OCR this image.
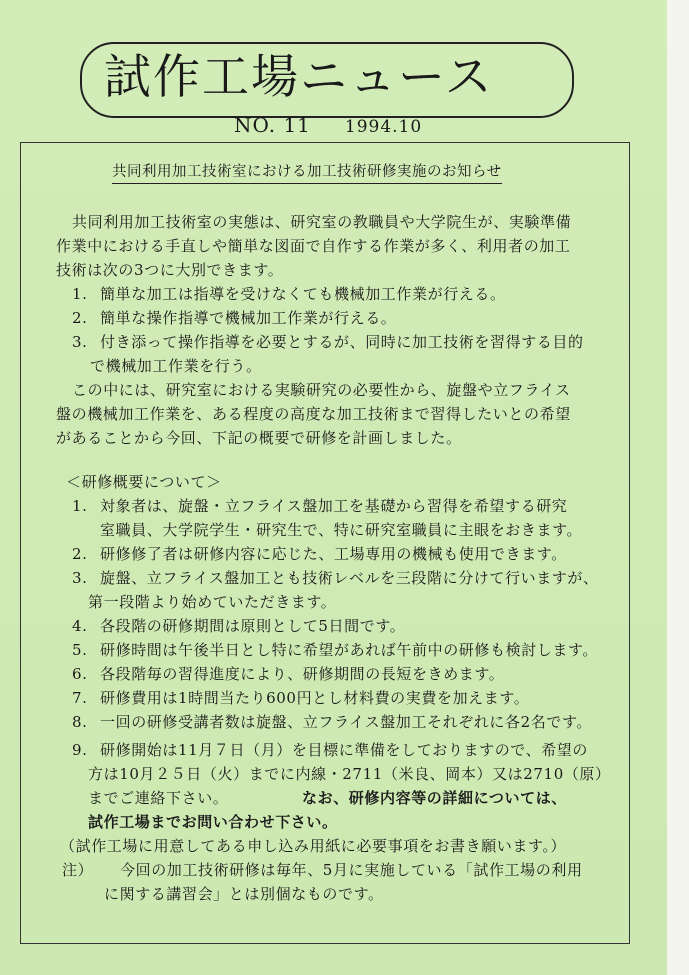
試作工場ニュース
NO. 11 1994.10
共同利用加工技術室における加工技術研修実施のお知らせ
共同利用加工技術室の実態は、研究室の教職員や大学院生が、実験準備
作業中における手直しや簡単な図面で自作する作業が多く、利用者の加工
技術は次の3つに大別できます。
1. 簡単な加工は指導を受けなくても機械加工作業が行える。
2. 簡単な操作指導で機械加工作業が行える。
3. 付き添って操作指導を必要とするが、同時に加工技術を習得する目的
で機械加工作業を行う。
この中には、研究室における実験研究の必要性から、旋盤や立フライス
盤の機械加工作業を、ある程度の高度な加工技術まで習得したいとの希望
があることから今回、下記の概要で研修を計画しました。
＜研修概要について＞
1. 対象者は、旋盤・立フライス盤加工を基礎から習得を希望する研究
室職員、大学院学生・研究生で、特に研究室職員に主眼をおきます。
2. 研修修了者は研修内容に応じた、工場専用の機械も使用できます。
3. 旋盤、立フライス盤加工とも技術レベルを三段階に分けて行いますが、
第一段階より始めていただきます。
4. 各段階の研修期間は原則として5日間です。
5. 研修時間は午後半日とし特に希望があれば午前中の研修も検討します。
6. 各段階毎の習得進度により、研修期間の長短をきめます。
7. 研修費用は1時間当たり600円とし材料費の実費を加えます。
8. 一回の研修受講者数は旋盤、立フライス盤加工それぞれに各2名です。
9. 研修開始は11月７日（月）を目標に準備をしておりますので、希望の
方は10月２５日（火）までに内線・2711（米良、岡本）又は2710（原）
までご連絡下さい。	なお、研修内容等の詳細については、
試作工場までお問い合わせ下さい。
（試作工場に用意してある申し込み用紙に必要事項をお書き願います。）
注） 今回の加工技術研修は毎年、5月に実施している「試作工場の利用
に関する講習会」とは別個なものです。
